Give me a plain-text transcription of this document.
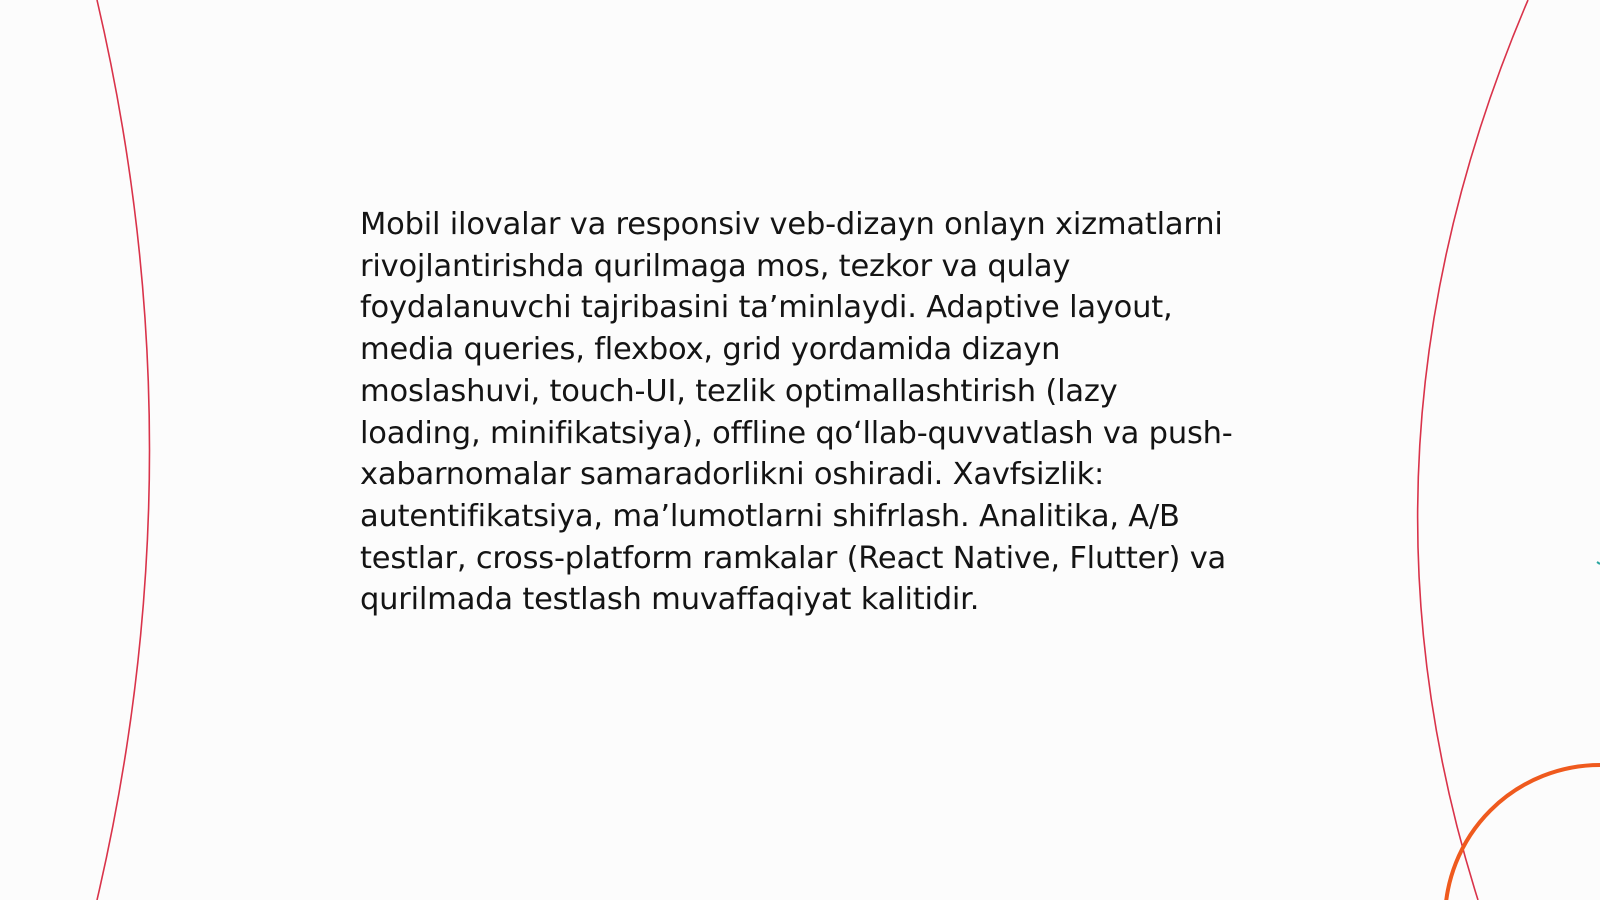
Mobil ilovalar va responsiv veb-dizayn onlayn xizmatlarni rivojlantirishda qurilmaga mos, tezkor va qulay foydalanuvchi tajribasini ta’minlaydi. Adaptive layout, media queries, flexbox, grid yordamida dizayn moslashuvi, touch-UI, tezlik optimallashtirish (lazy loading, minifikatsiya), offline qo‘llab-quvvatlash va push-xabarnomalar samaradorlikni oshiradi. Xavfsizlik: autentifikatsiya, ma’lumotlarni shifrlash. Analitika, A/B testlar, cross-platform ramkalar (React Native, Flutter) va qurilmada testlash muvaffaqiyat kalitidir.
